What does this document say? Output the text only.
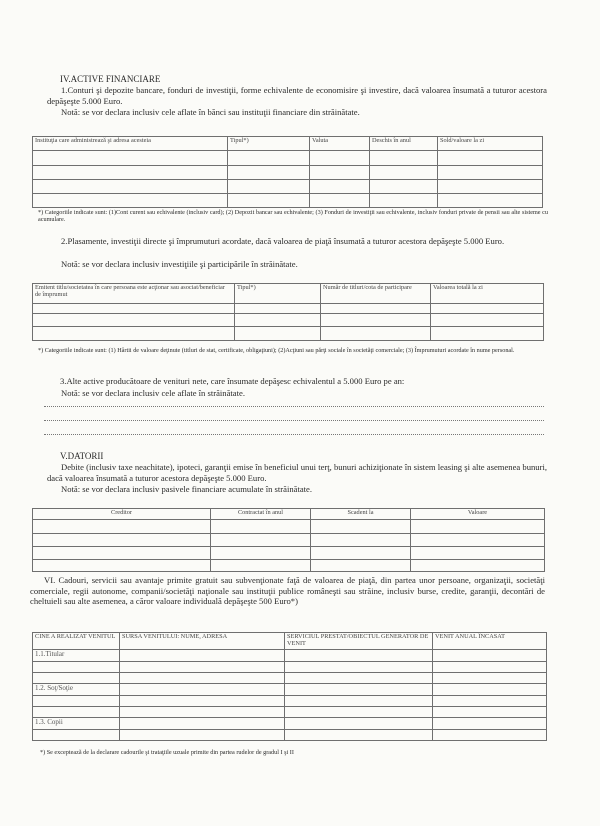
IV.ACTIVE FINANCIARE
1.Conturi şi depozite bancare, fonduri de investiţii, forme echivalente de economisire şi investire, dacă valoarea însumată a tuturor acestora depăşeşte 5.000 Euro.
Notă: se vor declara inclusiv cele aflate în bănci sau instituţii financiare din străinătate.
Instituţia care administrează şi adresa acesteia	Tipul*)	Valuta	Deschis în anul	Sold/valoare la zi

*) Categoriile indicate sunt: (1)Cont curent sau echivalente (inclusiv card); (2) Depozit bancar sau echivalente; (3) Fonduri de investiţii sau echivalente, inclusiv fonduri private de pensii sau alte sisteme cu acumulare.
2.Plasamente, investiţii directe şi împrumuturi acordate, dacă valoarea de piaţă însumată a tuturor acestora depăşeşte 5.000 Euro.
Notă: se vor declara inclusiv investiţiile şi participările în străinătate.
Emitent titlu/societatea în care persoana este acţionar sau asociat/beneficiar de împrumut	Tipul*)	Număr de titluri/cota de participare	Valoarea totală la zi

*) Categoriile indicate sunt: (1) Hârtii de valoare deţinute (titluri de stat, certificate, obligaţiuni); (2)Acţiuni sau părţi sociale în societăţi comerciale; (3) Împrumuturi acordate în nume personal.
3.Alte active producătoare de venituri nete, care însumate depăşesc echivalentul a 5.000 Euro pe an:
Notă: se vor declara inclusiv cele aflate în străinătate.
V.DATORII
Debite (inclusiv taxe neachitate), ipoteci, garanţii emise în beneficiul unui terţ, bunuri achiziţionate în sistem leasing şi alte asemenea bunuri, dacă valoarea însumată a tuturor acestora depăşeşte 5.000 Euro.
Notă: se vor declara inclusiv pasivele financiare acumulate în străinătate.
Creditor	Contractat în anul	Scadent la	Valoare

VI. Cadouri, servicii sau avantaje primite gratuit sau subvenţionate faţă de valoarea de piaţă, din partea unor persoane, organizaţii, societăţi comerciale, regii autonome, companii/societăţi naţionale sau instituţii publice româneşti sau străine, inclusiv burse, credite, garanţii, decontări de cheltuieli sau alte asemenea, a căror valoare individuală depăşeşte 500 Euro*)
CINE A REALIZAT VENITUL	SURSA VENITULUI: NUME, ADRESA	SERVICIUL PRESTAT/OBIECTUL GENERATOR DE VENIT	VENIT ANUAL ÎNCASAT
1.1.Titular			

1.2. Soţ/Soţie			

1.3. Copii			

*) Se exceptează de la declarare cadourile şi trataţiile uzuale primite din partea rudelor de gradul I şi II
